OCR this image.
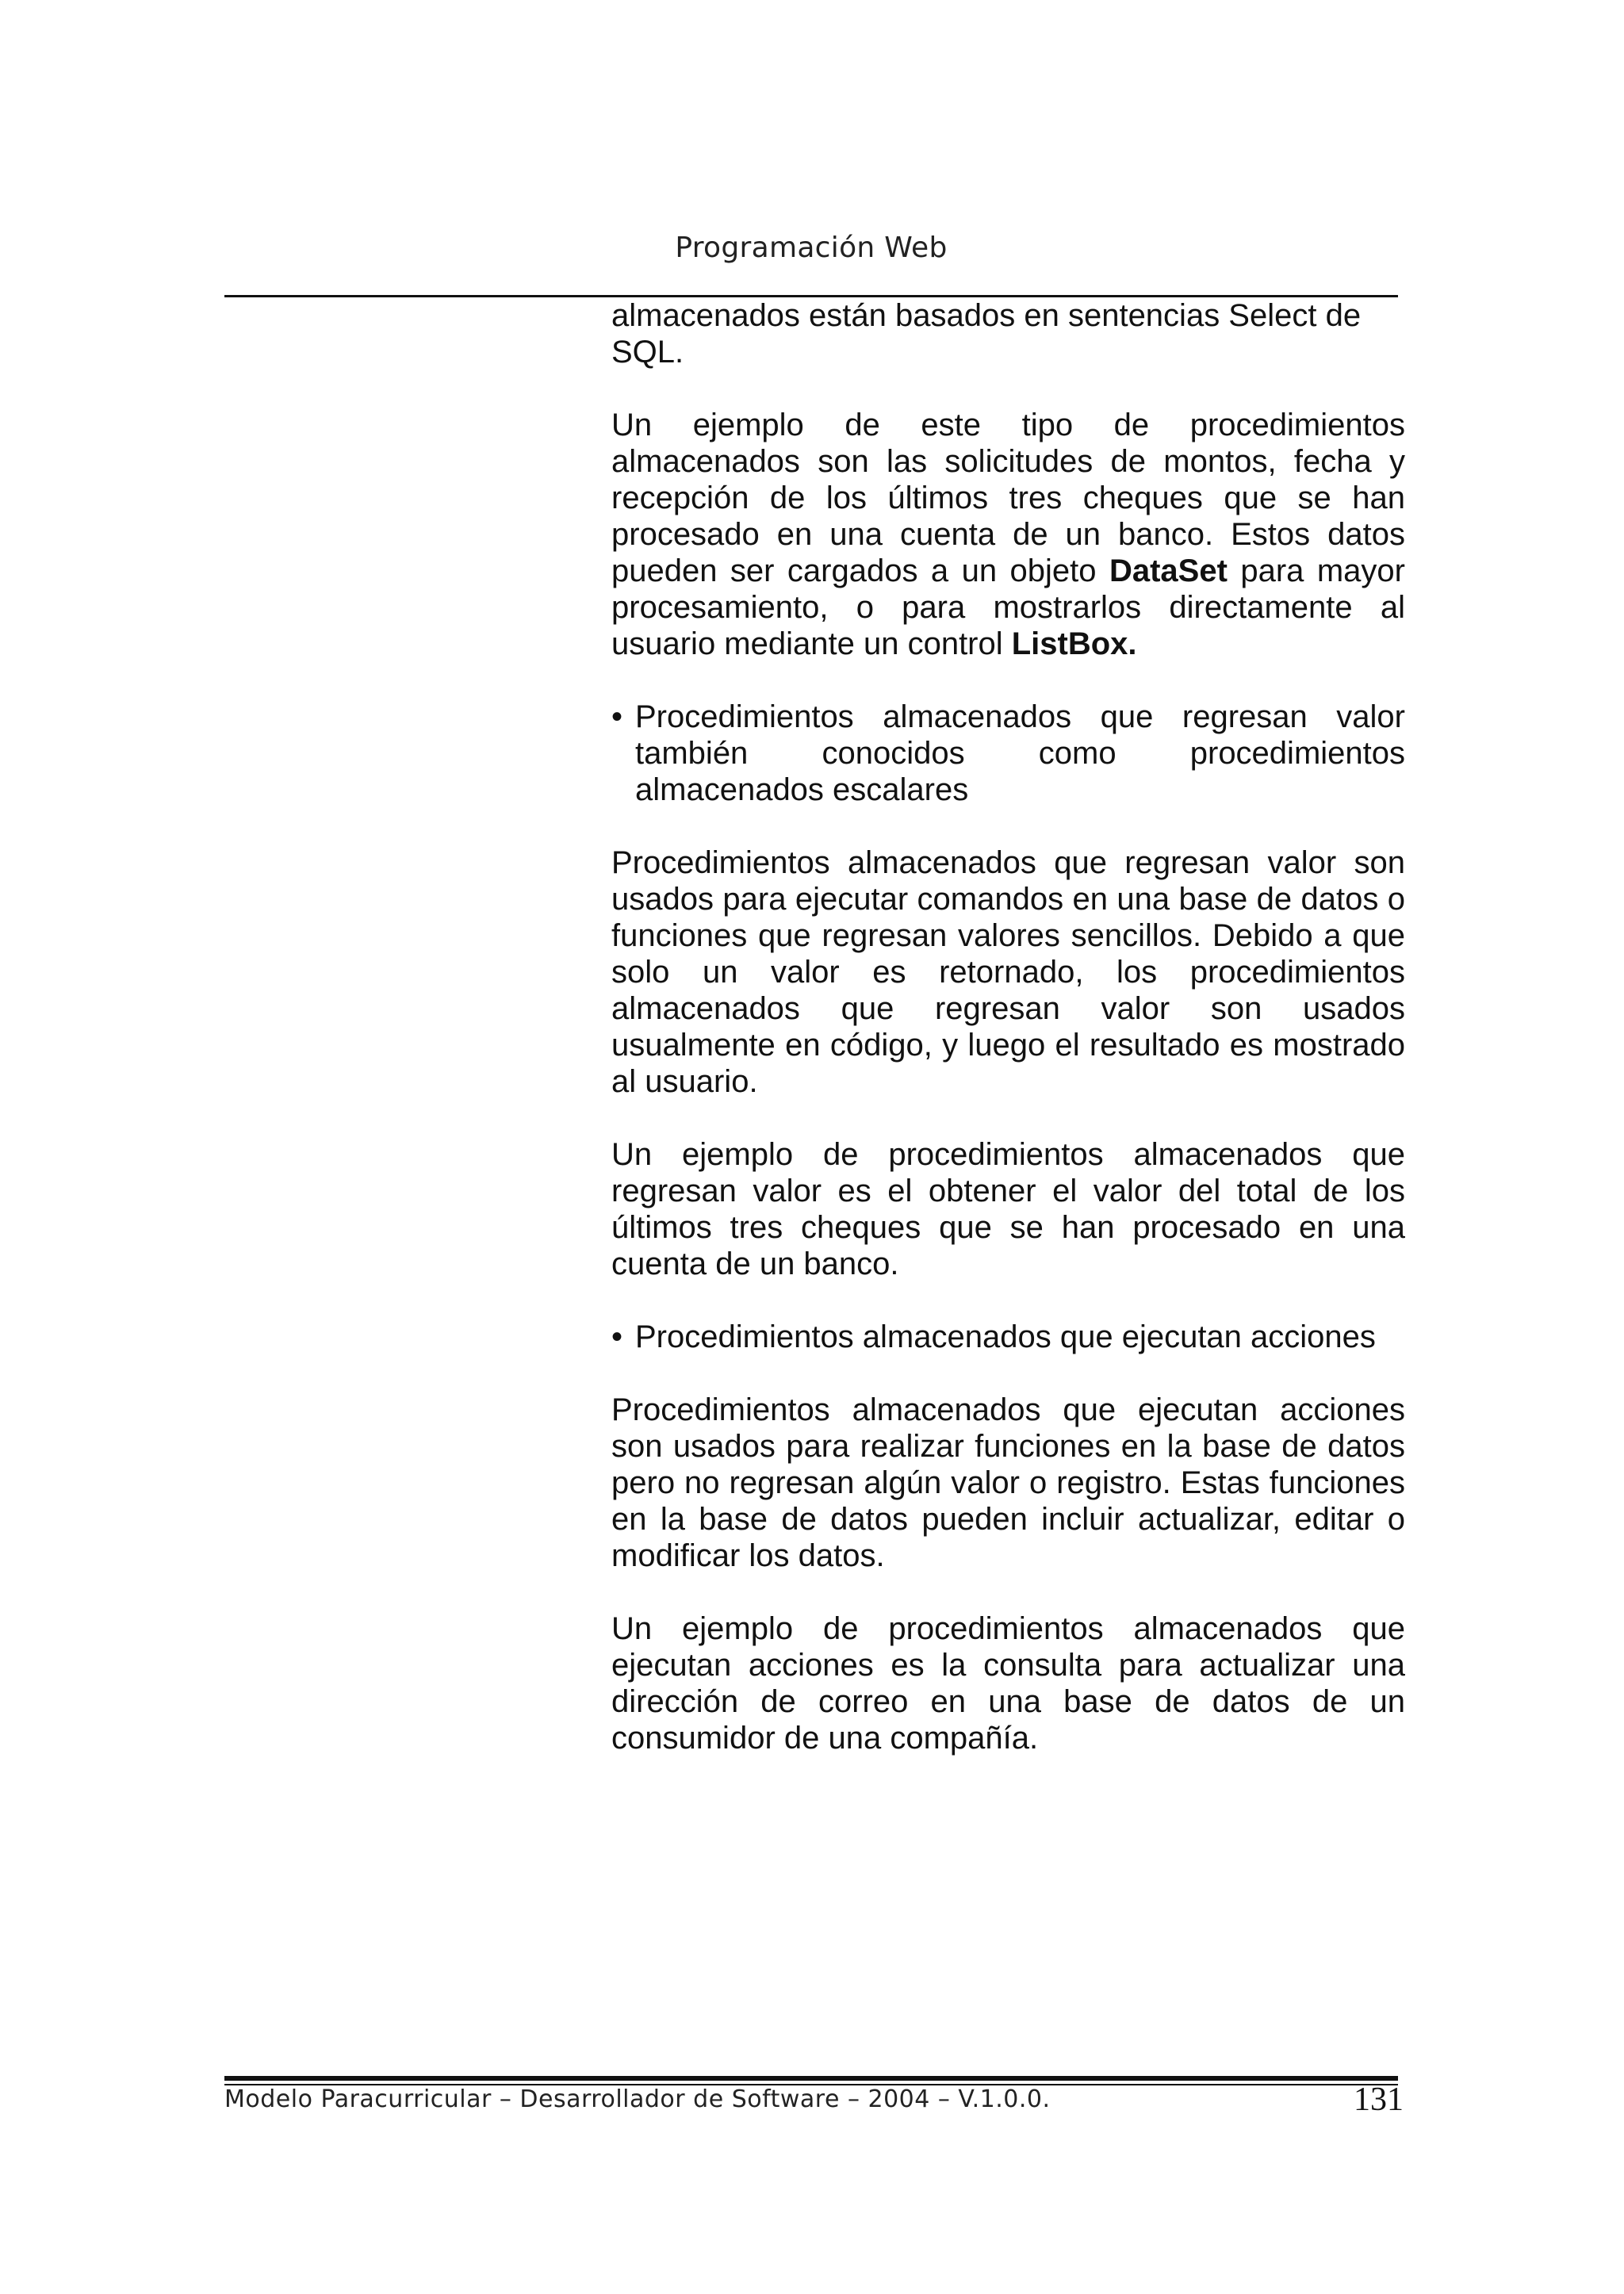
Programación Web

almacenados están basados en sentencias Select de SQL.

Un ejemplo de este tipo de procedimientos almacenados son las solicitudes de montos, fecha y recepción de los últimos tres cheques que se han procesado en una cuenta de un banco. Estos datos pueden ser cargados a un objeto DataSet para mayor procesamiento, o para mostrarlos directamente al usuario mediante un control ListBox.

• Procedimientos almacenados que regresan valor también conocidos como procedimientos almacenados escalares

Procedimientos almacenados que regresan valor son usados para ejecutar comandos en una base de datos o funciones que regresan valores sencillos. Debido a que solo un valor es retornado, los procedimientos almacenados que regresan valor son usados usualmente en código, y luego el resultado es mostrado al usuario.

Un ejemplo de procedimientos almacenados que regresan valor es el obtener el valor del total de los últimos tres cheques que se han procesado en una cuenta de un banco.

• Procedimientos almacenados que ejecutan acciones

Procedimientos almacenados que ejecutan acciones son usados para realizar funciones en la base de datos pero no regresan algún valor o registro. Estas funciones en la base de datos pueden incluir actualizar, editar o modificar los datos.

Un ejemplo de procedimientos almacenados que ejecutan acciones es la consulta para actualizar una dirección de correo en una base de datos de un consumidor de una compañía.

Modelo Paracurricular – Desarrollador de Software – 2004 – V.1.0.0.	131
